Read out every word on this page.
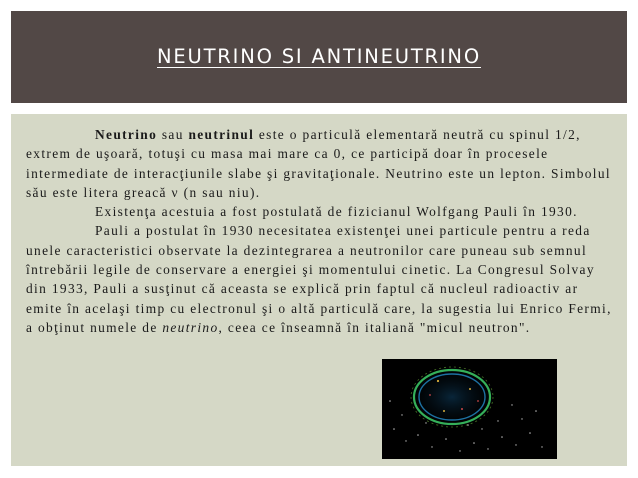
NEUTRINO SI ANTINEUTRINO

Neutrino sau neutrinul este o particulă elementară neutră cu spinul 1/2, extrem de uşoară, totuşi cu masa mai mare ca 0, ce participă doar în procesele intermediate de interacţiunile slabe şi gravitaţionale. Neutrino este un lepton. Simbolul său este litera greacă ν (n sau niu).

Existenţa acestuia a fost postulată de fizicianul Wolfgang Pauli în 1930.

Pauli a postulat în 1930 necesitatea existenţei unei particule pentru a reda unele caracteristici observate la dezintegrarea a neutronilor care puneau sub semnul întrebării legile de conservare a energiei şi momentului cinetic. La Congresul Solvay din 1933, Pauli a susţinut că aceasta se explică prin faptul că nucleul radioactiv ar emite în acelaşi timp cu electronul şi o altă particulă care, la sugestia lui Enrico Fermi, a obţinut numele de neutrino, ceea ce înseamnă în italiană "micul neutron".
